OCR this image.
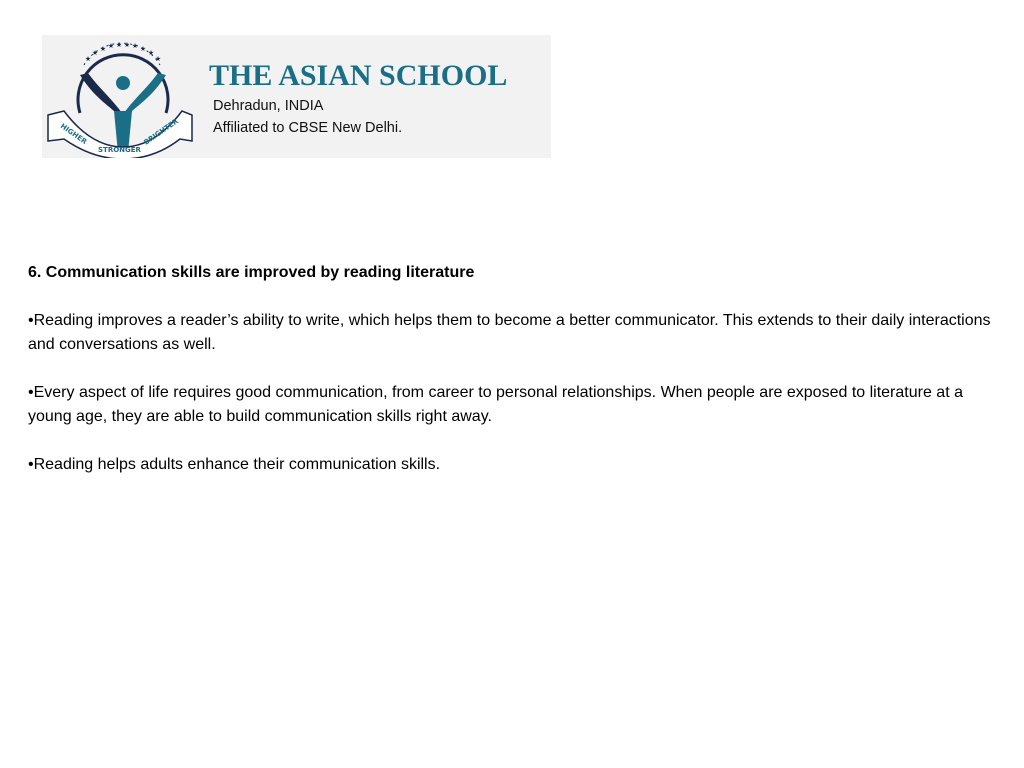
★
★ ★ ★ ★ ★ ★ ★ ★
★
HIGHER
STRONGER
BRIGHTER
THE ASIAN SCHOOL
Dehradun, INDIA
Affiliated to CBSE New Delhi.

6. Communication skills are improved by reading literature

•Reading improves a reader’s ability to write, which helps them to become a better communicator. This extends to their daily interactions and conversations as well.

•Every aspect of life requires good communication, from career to personal relationships. When people are exposed to literature at a young age, they are able to build communication skills right away.

•Reading helps adults enhance their communication skills.
